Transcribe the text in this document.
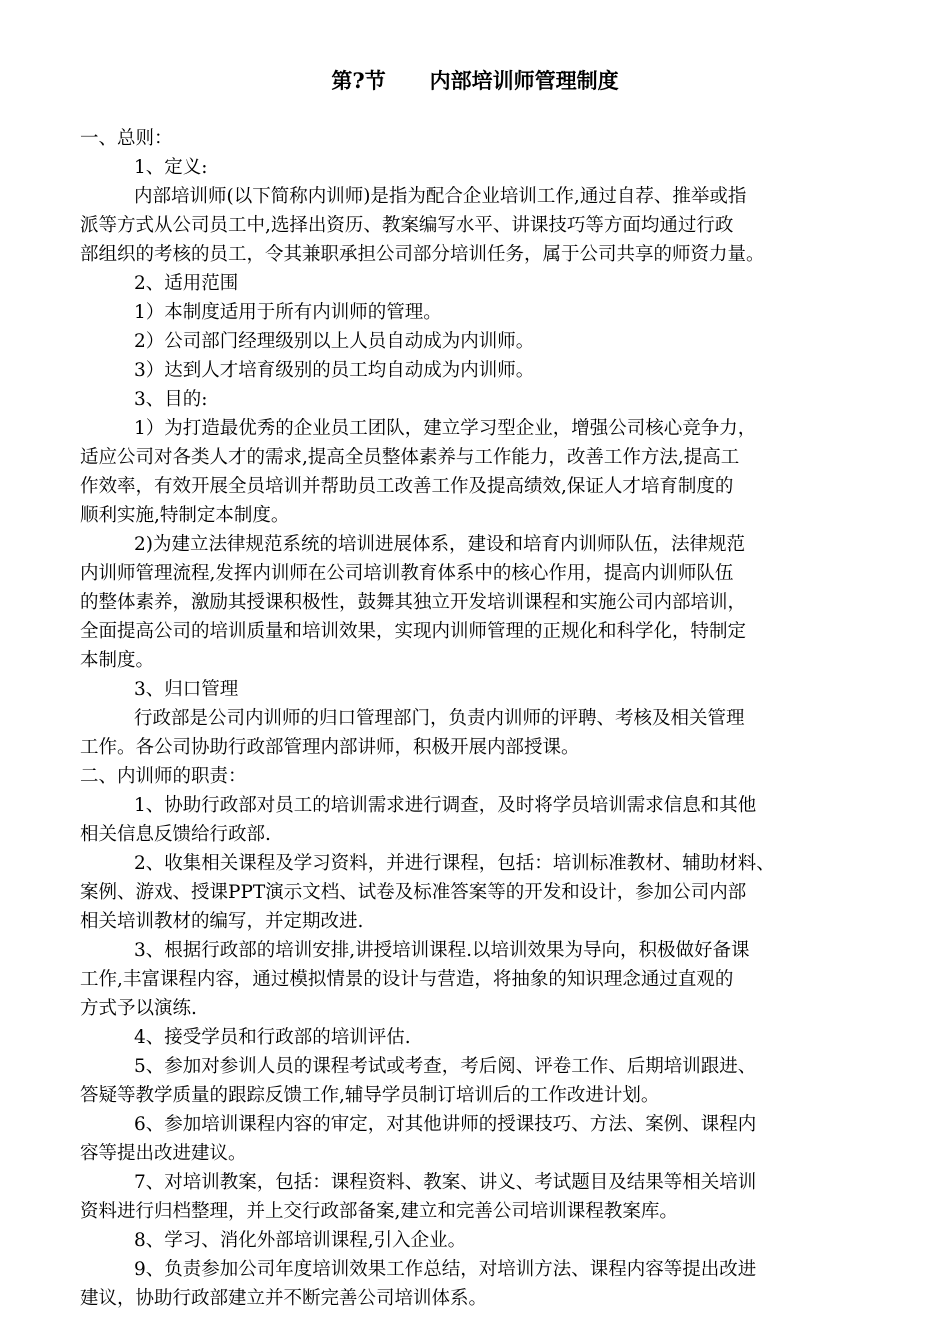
第?节      内部培训师管理制度
一、总则：
1、定义:
内部培训师(以下简称内训师)是指为配合企业培训工作,通过自荐、推举或指
派等方式从公司员工中,选择出资历、教案编写水平、讲课技巧等方面均通过行政
部组织的考核的员工，令其兼职承担公司部分培训任务，属于公司共享的师资力量。
2、适用范围
1）本制度适用于所有内训师的管理。
2）公司部门经理级别以上人员自动成为内训师。
3）达到人才培育级别的员工均自动成为内训师。
3、目的:
1）为打造最优秀的企业员工团队，建立学习型企业，增强公司核心竞争力，
适应公司对各类人才的需求,提高全员整体素养与工作能力，改善工作方法,提高工
作效率，有效开展全员培训并帮助员工改善工作及提高绩效,保证人才培育制度的
顺利实施,特制定本制度。
2)为建立法律规范系统的培训进展体系，建设和培育内训师队伍，法律规范
内训师管理流程,发挥内训师在公司培训教育体系中的核心作用，提高内训师队伍
的整体素养，激励其授课积极性，鼓舞其独立开发培训课程和实施公司内部培训，
全面提高公司的培训质量和培训效果，实现内训师管理的正规化和科学化，特制定
本制度。
3、归口管理
行政部是公司内训师的归口管理部门，负责内训师的评聘、考核及相关管理
工作。各公司协助行政部管理内部讲师，积极开展内部授课。
二、内训师的职责：
1、协助行政部对员工的培训需求进行调查，及时将学员培训需求信息和其他
相关信息反馈给行政部.
2、收集相关课程及学习资料，并进行课程，包括：培训标准教材、辅助材料、
案例、游戏、授课PPT演示文档、试卷及标准答案等的开发和设计，参加公司内部
相关培训教材的编写，并定期改进.
3、根据行政部的培训安排,讲授培训课程.以培训效果为导向，积极做好备课
工作,丰富课程内容，通过模拟情景的设计与营造，将抽象的知识理念通过直观的
方式予以演练.
4、接受学员和行政部的培训评估.
5、参加对参训人员的课程考试或考查，考后阅、评卷工作、后期培训跟进、
答疑等教学质量的跟踪反馈工作,辅导学员制订培训后的工作改进计划。
6、参加培训课程内容的审定，对其他讲师的授课技巧、方法、案例、课程内
容等提出改进建议。
7、对培训教案，包括：课程资料、教案、讲义、考试题目及结果等相关培训
资料进行归档整理，并上交行政部备案,建立和完善公司培训课程教案库。
8、学习、消化外部培训课程,引入企业。
9、负责参加公司年度培训效果工作总结，对培训方法、课程内容等提出改进
建议，协助行政部建立并不断完善公司培训体系。
